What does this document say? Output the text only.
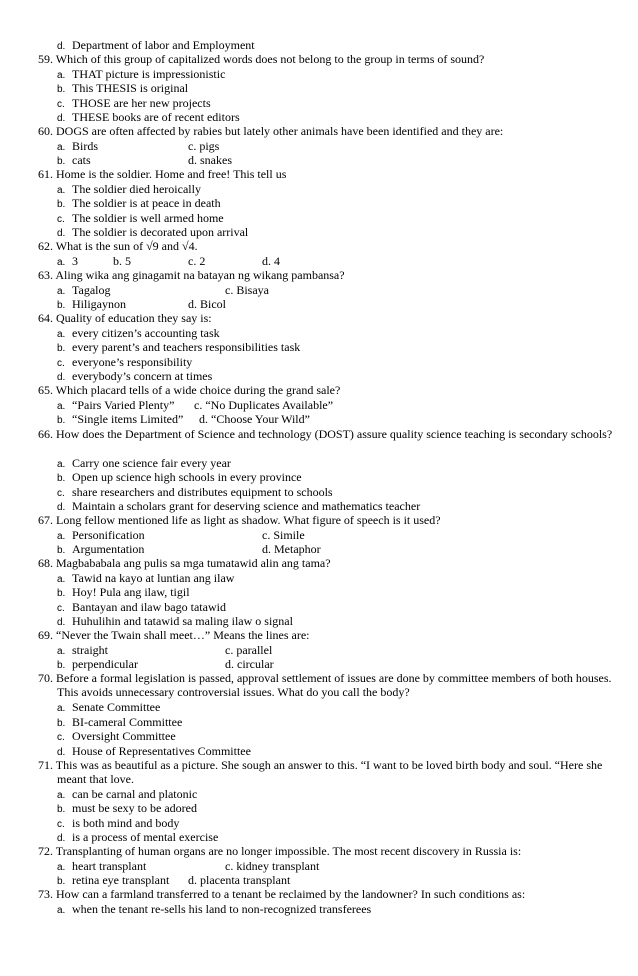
d. Department of labor and Employment
59. Which of this group of capitalized words does not belong to the group in terms of sound?
a. THAT picture is impressionistic
b. This THESIS is original
c. THOSE are her new projects
d. THESE books are of recent editors
60. DOGS are often affected by rabies but lately other animals have been identified and they are:
a. Birds	c. pigs
b. cats	d. snakes
61. Home is the soldier. Home and free! This tell us
a. The soldier died heroically
b. The soldier is at peace in death
c. The soldier is well armed home
d. The soldier is decorated upon arrival
62. What is the sun of √9 and √4.
a. 3	b. 5	c. 2	d. 4
63. Aling wika ang ginagamit na batayan ng wikang pambansa?
a. Tagalog	c. Bisaya
b. Hiligaynon	d. Bicol
64. Quality of education they say is:
a. every citizen’s accounting task
b. every parent’s and teachers responsibilities task
c. everyone’s responsibility
d. everybody’s concern at times
65. Which placard tells of a wide choice during the grand sale?
a. “Pairs Varied Plenty” c. “No Duplicates Available”
b. “Single items Limited” d. “Choose Your Wild”
66. How does the Department of Science and technology (DOST) assure quality science teaching is secondary schools?
a. Carry one science fair every year
b. Open up science high schools in every province
c. share researchers and distributes equipment to schools
d. Maintain a scholars grant for deserving science and mathematics teacher
67. Long fellow mentioned life as light as shadow. What figure of speech is it used?
a. Personification	c. Simile
b. Argumentation	d. Metaphor
68. Magbababala ang pulis sa mga tumatawid alin ang tama?
a. Tawid na kayo at luntian ang ilaw
b. Hoy! Pula ang ilaw, tigil
c. Bantayan and ilaw bago tatawid
d. Huhulihin and tatawid sa maling ilaw o signal
69. “Never the Twain shall meet…” Means the lines are:
a. straight	c. parallel
b. perpendicular	d. circular
70. Before a formal legislation is passed, approval settlement of issues are done by committee members of both houses. This avoids unnecessary controversial issues. What do you call the body?
a. Senate Committee
b. BI-cameral Committee
c. Oversight Committee
d. House of Representatives Committee
71. This was as beautiful as a picture. She sough an answer to this. “I want to be loved birth body and soul. “Here she meant that love.
a. can be carnal and platonic
b. must be sexy to be adored
c. is both mind and body
d. is a process of mental exercise
72. Transplanting of human organs are no longer impossible. The most recent discovery in Russia is:
a. heart transplant	c. kidney transplant
b. retina eye transplant d. placenta transplant
73. How can a farmland transferred to a tenant be reclaimed by the landowner? In such conditions as:
a. when the tenant re-sells his land to non-recognized transferees
